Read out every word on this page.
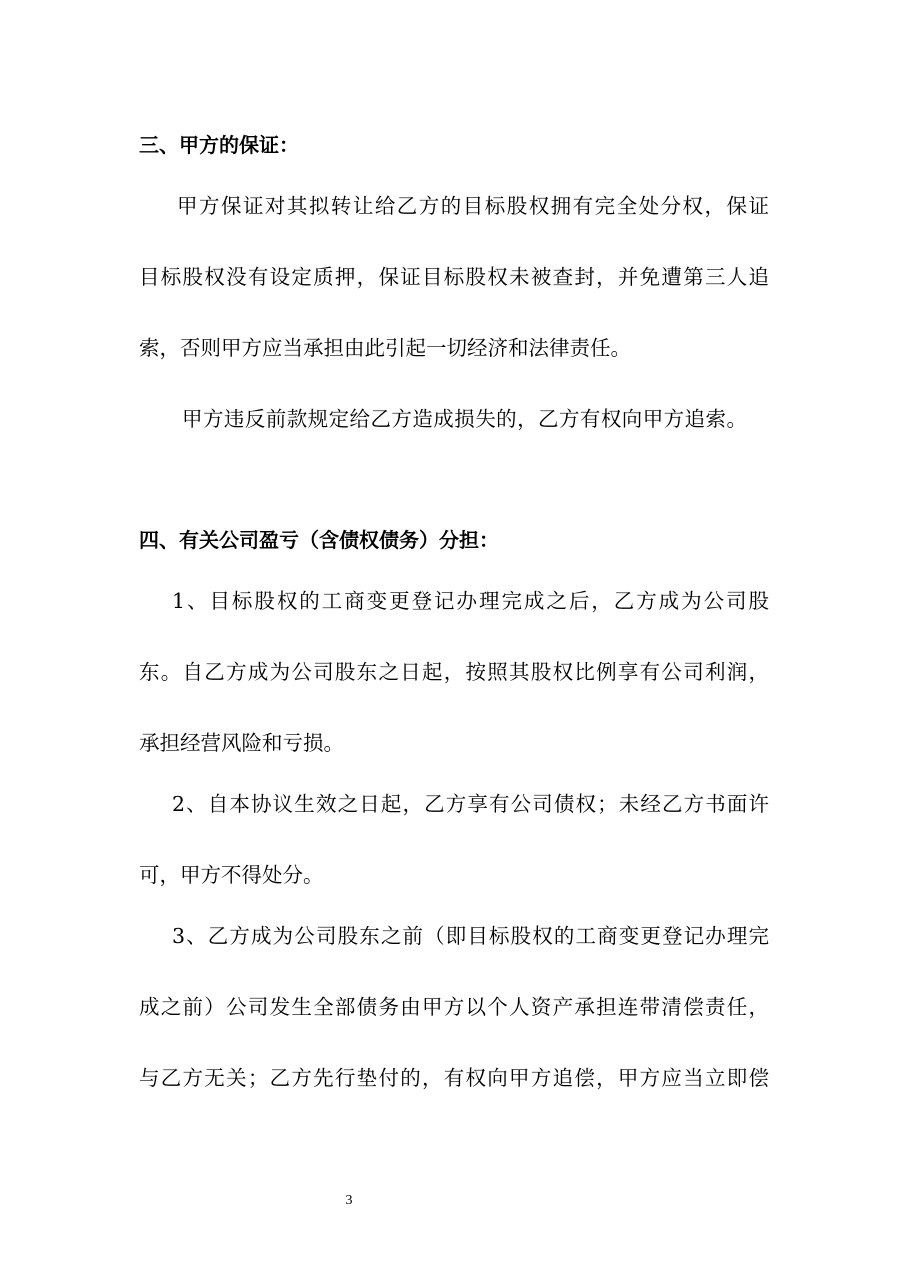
三、甲方的保证：

甲方保证对其拟转让给乙方的目标股权拥有完全处分权，保证

目标股权没有设定质押，保证目标股权未被查封，并免遭第三人追

索，否则甲方应当承担由此引起一切经济和法律责任。

甲方违反前款规定给乙方造成损失的，乙方有权向甲方追索。

四、有关公司盈亏（含债权债务）分担：

1、目标股权的工商变更登记办理完成之后，乙方成为公司股

东。自乙方成为公司股东之日起，按照其股权比例享有公司利润，

承担经营风险和亏损。

2、自本协议生效之日起，乙方享有公司债权；未经乙方书面许

可，甲方不得处分。

3、乙方成为公司股东之前（即目标股权的工商变更登记办理完

成之前）公司发生全部债务由甲方以个人资产承担连带清偿责任，

与乙方无关；乙方先行垫付的，有权向甲方追偿，甲方应当立即偿

3
